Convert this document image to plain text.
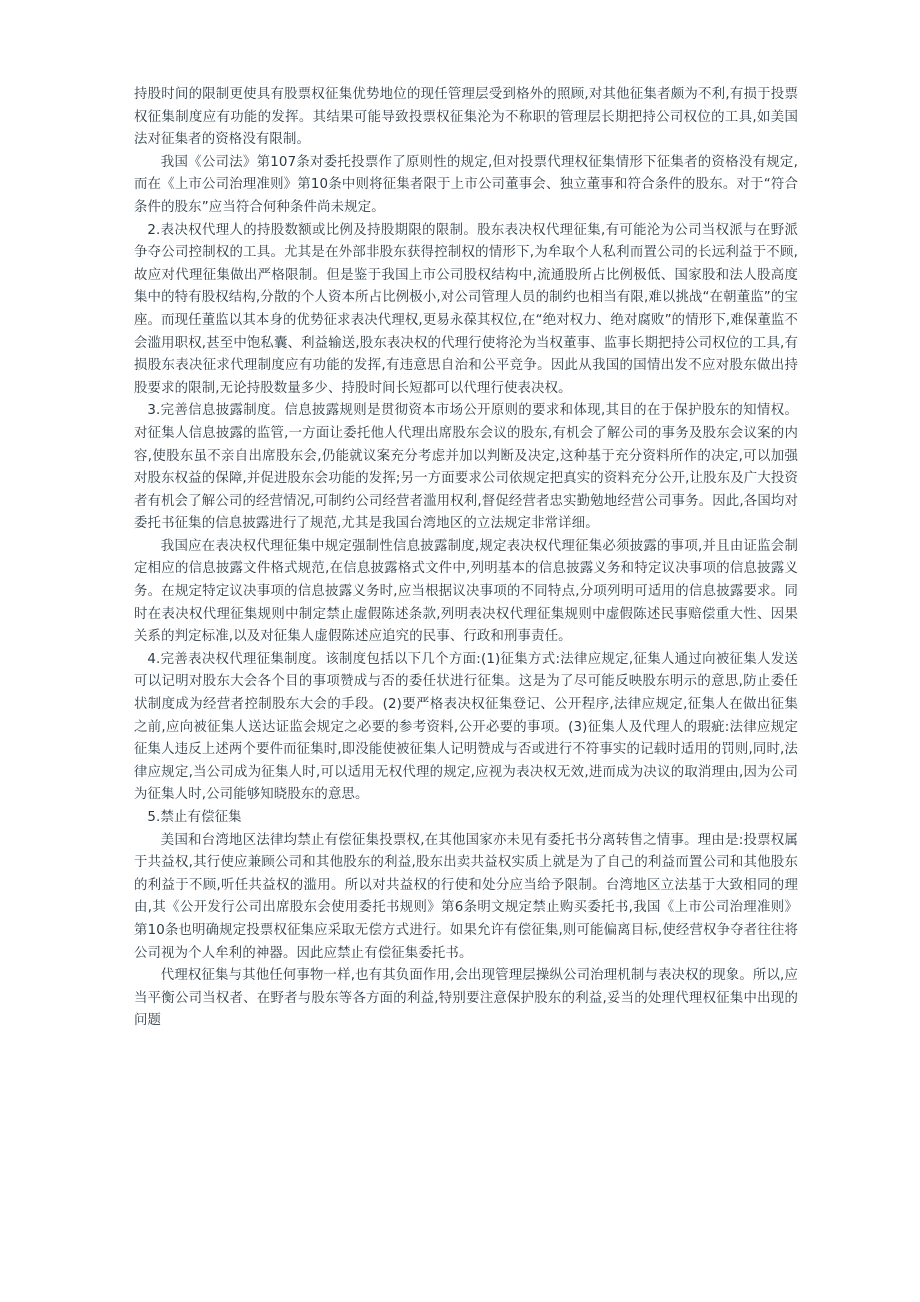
持股时间的限制更使具有股票权征集优势地位的现任管理层受到格外的照顾,对其他征集者颇为不利,有损于投票权征集制度应有功能的发挥。其结果可能导致投票权征集沦为不称职的管理层长期把持公司权位的工具,如美国法对征集者的资格没有限制。

我国《公司法》第107条对委托投票作了原则性的规定,但对投票代理权征集情形下征集者的资格没有规定,而在《上市公司治理准则》第10条中则将征集者限于上市公司董事会、独立董事和符合条件的股东。对于“符合条件的股东”应当符合何种条件尚未规定。

2.表决权代理人的持股数额或比例及持股期限的限制。股东表决权代理征集,有可能沦为公司当权派与在野派争夺公司控制权的工具。尤其是在外部非股东获得控制权的情形下,为牟取个人私利而置公司的长远利益于不顾,故应对代理征集做出严格限制。但是鉴于我国上市公司股权结构中,流通股所占比例极低、国家股和法人股高度集中的特有股权结构,分散的个人资本所占比例极小,对公司管理人员的制约也相当有限,难以挑战“在朝董监”的宝座。而现任董监以其本身的优势征求表决代理权,更易永葆其权位,在“绝对权力、绝对腐败”的情形下,难保董监不会滥用职权,甚至中饱私囊、利益输送,股东表决权的代理行使将沦为当权董事、监事长期把持公司权位的工具,有损股东表决征求代理制度应有功能的发挥,有违意思自治和公平竞争。因此从我国的国情出发不应对股东做出持股要求的限制,无论持股数量多少、持股时间长短都可以代理行使表决权。

3.完善信息披露制度。信息披露规则是贯彻资本市场公开原则的要求和体现,其目的在于保护股东的知情权。对征集人信息披露的监管,一方面让委托他人代理出席股东会议的股东,有机会了解公司的事务及股东会议案的内容,使股东虽不亲自出席股东会,仍能就议案充分考虑并加以判断及决定,这种基于充分资料所作的决定,可以加强对股东权益的保障,并促进股东会功能的发挥;另一方面要求公司依规定把真实的资料充分公开,让股东及广大投资者有机会了解公司的经营情况,可制约公司经营者滥用权利,督促经营者忠实勤勉地经营公司事务。因此,各国均对委托书征集的信息披露进行了规范,尤其是我国台湾地区的立法规定非常详细。

我国应在表决权代理征集中规定强制性信息披露制度,规定表决权代理征集必须披露的事项,并且由证监会制定相应的信息披露文件格式规范,在信息披露格式文件中,列明基本的信息披露义务和特定议决事项的信息披露义务。在规定特定议决事项的信息披露义务时,应当根据议决事项的不同特点,分项列明可适用的信息披露要求。同时在表决权代理征集规则中制定禁止虚假陈述条款,列明表决权代理征集规则中虚假陈述民事赔偿重大性、因果关系的判定标准,以及对征集人虚假陈述应追究的民事、行政和刑事责任。

4.完善表决权代理征集制度。该制度包括以下几个方面:(1)征集方式:法律应规定,征集人通过向被征集人发送可以记明对股东大会各个目的事项赞成与否的委任状进行征集。这是为了尽可能反映股东明示的意思,防止委任状制度成为经营者控制股东大会的手段。(2)要严格表决权征集登记、公开程序,法律应规定,征集人在做出征集之前,应向被征集人送达证监会规定之必要的参考资料,公开必要的事项。(3)征集人及代理人的瑕疵:法律应规定征集人违反上述两个要件而征集时,即没能使被征集人记明赞成与否或进行不符事实的记载时适用的罚则,同时,法律应规定,当公司成为征集人时,可以适用无权代理的规定,应视为表决权无效,进而成为决议的取消理由,因为公司为征集人时,公司能够知晓股东的意思。

5.禁止有偿征集

美国和台湾地区法律均禁止有偿征集投票权,在其他国家亦未见有委托书分离转售之情事。理由是:投票权属于共益权,其行使应兼顾公司和其他股东的利益,股东出卖共益权实质上就是为了自己的利益而置公司和其他股东的利益于不顾,听任共益权的滥用。所以对共益权的行使和处分应当给予限制。台湾地区立法基于大致相同的理由,其《公开发行公司出席股东会使用委托书规则》第6条明文规定禁止购买委托书,我国《上市公司治理准则》第10条也明确规定投票权征集应采取无偿方式进行。如果允许有偿征集,则可能偏离目标,使经营权争夺者往往将公司视为个人牟利的神器。因此应禁止有偿征集委托书。

代理权征集与其他任何事物一样,也有其负面作用,会出现管理层操纵公司治理机制与表决权的现象。所以,应当平衡公司当权者、在野者与股东等各方面的利益,特别要注意保护股东的利益,妥当的处理代理权征集中出现的问题
